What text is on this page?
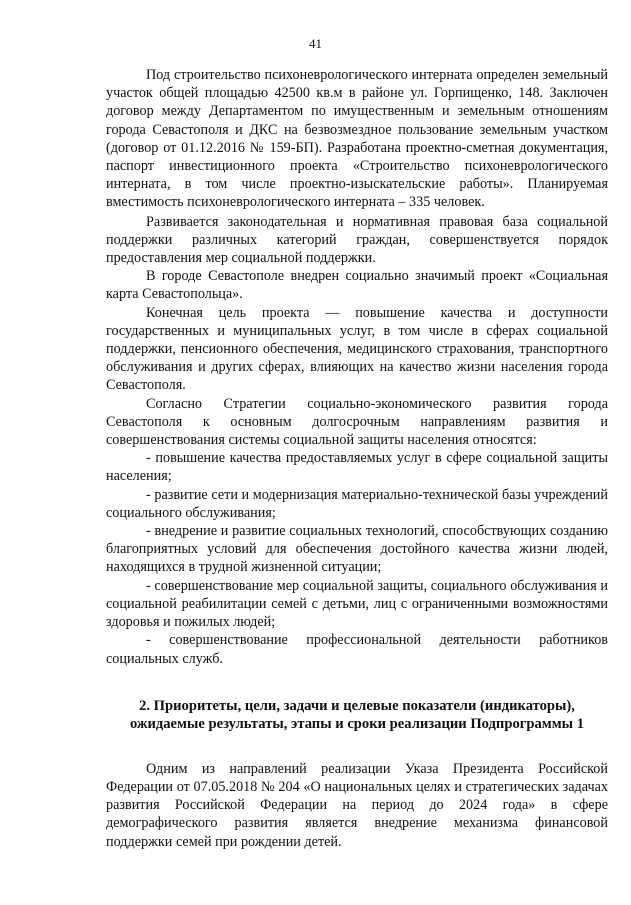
41

Под строительство психоневрологического интерната определен земельный участок общей площадью 42500 кв.м в районе ул. Горпищенко, 148. Заключен договор между Департаментом по имущественным и земельным отношениям города Севастополя и ДКС на безвозмездное пользование земельным участком (договор от 01.12.2016 № 159-БП). Разработана проектно-сметная документация, паспорт инвестиционного проекта «Строительство психоневрологического интерната, в том числе проектно-изыскательские работы». Планируемая вместимость психоневрологического интерната – 335 человек.

Развивается законодательная и нормативная правовая база социальной поддержки различных категорий граждан, совершенствуется порядок предоставления мер социальной поддержки.

В городе Севастополе внедрен социально значимый проект «Социальная карта Севастопольца».

Конечная цель проекта — повышение качества и доступности государственных и муниципальных услуг, в том числе в сферах социальной поддержки, пенсионного обеспечения, медицинского страхования, транспортного обслуживания и других сферах, влияющих на качество жизни населения города Севастополя.

Согласно Стратегии социально-экономического развития города Севастополя к основным долгосрочным направлениям развития и совершенствования системы социальной защиты населения относятся:

- повышение качества предоставляемых услуг в сфере социальной защиты населения;

- развитие сети и модернизация материально-технической базы учреждений социального обслуживания;

- внедрение и развитие социальных технологий, способствующих созданию благоприятных условий для обеспечения достойного качества жизни людей, находящихся в трудной жизненной ситуации;

- совершенствование мер социальной защиты, социального обслуживания и социальной реабилитации семей с детьми, лиц с ограниченными возможностями здоровья и пожилых людей;

- совершенствование профессиональной деятельности работников социальных служб.

2. Приоритеты, цели, задачи и целевые показатели (индикаторы),
ожидаемые результаты, этапы и сроки реализации Подпрограммы 1

Одним из направлений реализации Указа Президента Российской Федерации от 07.05.2018 № 204 «О национальных целях и стратегических задачах развития Российской Федерации на период до 2024 года» в сфере демографического развития является внедрение механизма финансовой поддержки семей при рождении детей.
